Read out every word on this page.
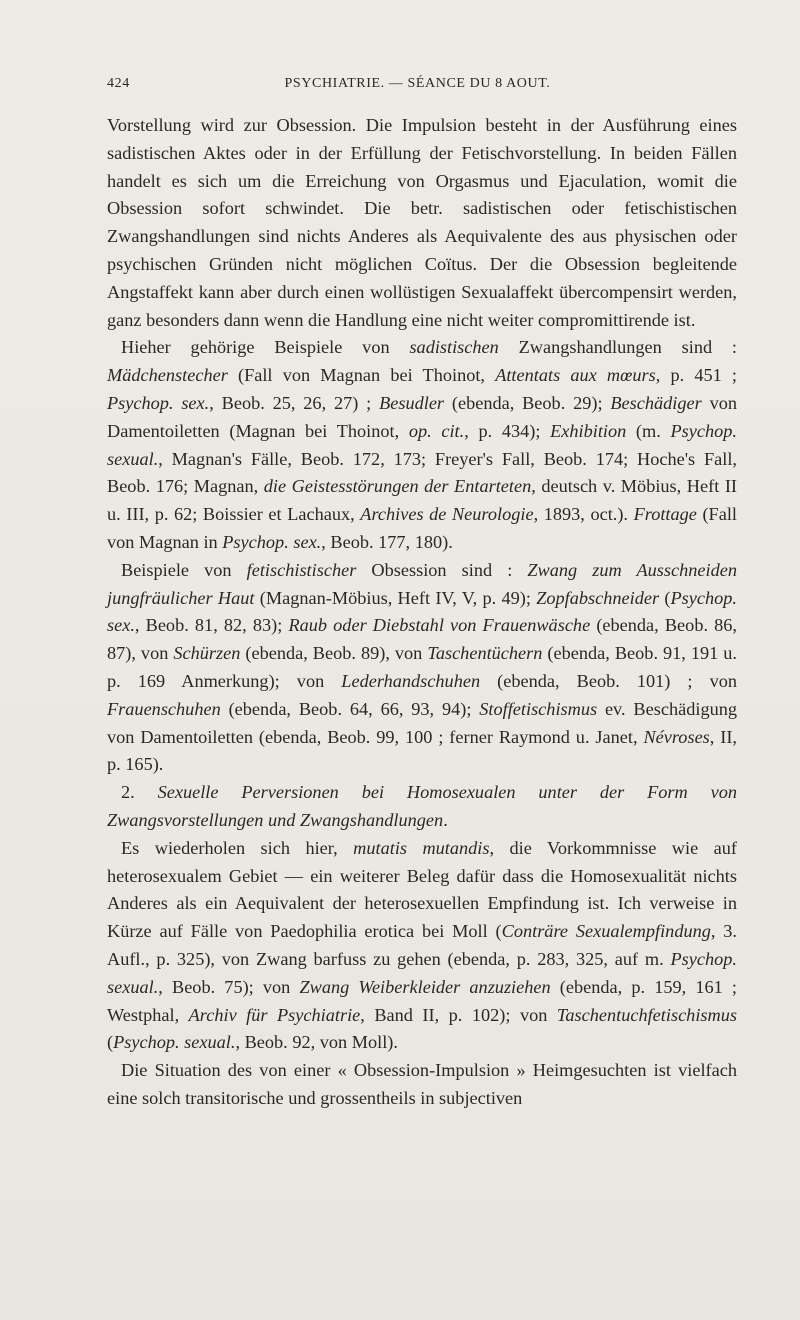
424	PSYCHIATRIE. — SÉANCE DU 8 AOUT.

Vorstellung wird zur Obsession. Die Impulsion besteht in der Ausführung eines sadistischen Aktes oder in der Erfüllung der Fetischvorstellung. In beiden Fällen handelt es sich um die Erreichung von Orgasmus und Ejaculation, womit die Obsession sofort schwindet. Die betr. sadistischen oder fetischistischen Zwangshandlungen sind nichts Anderes als Aequivalente des aus physischen oder psychischen Gründen nicht möglichen Coïtus. Der die Obsession begleitende Angstaffekt kann aber durch einen wollüstigen Sexualaffekt übercompensirt werden, ganz besonders dann wenn die Handlung eine nicht weiter compromittirende ist.

Hieher gehörige Beispiele von sadistischen Zwangshandlungen sind : Mädchenstecher (Fall von Magnan bei Thoinot, Attentats aux mœurs, p. 451 ; Psychop. sex., Beob. 25, 26, 27) ; Besudler (ebenda, Beob. 29); Beschädiger von Damentoiletten (Magnan bei Thoinot, op. cit., p. 434); Exhibition (m. Psychop. sexual., Magnan's Fälle, Beob. 172, 173; Freyer's Fall, Beob. 174; Hoche's Fall, Beob. 176; Magnan, die Geistesstörungen der Entarteten, deutsch v. Möbius, Heft II u. III, p. 62; Boissier et Lachaux, Archives de Neurologie, 1893, oct.). Frottage (Fall von Magnan in Psychop. sex., Beob. 177, 180).

Beispiele von fetischistischer Obsession sind : Zwang zum Ausschneiden jungfräulicher Haut (Magnan-Möbius, Heft IV, V, p. 49); Zopfabschneider (Psychop. sex., Beob. 81, 82, 83); Raub oder Diebstahl von Frauenwäsche (ebenda, Beob. 86, 87), von Schürzen (ebenda, Beob. 89), von Taschentüchern (ebenda, Beob. 91, 191 u. p. 169 Anmerkung); von Lederhandschuhen (ebenda, Beob. 101) ; von Frauenschuhen (ebenda, Beob. 64, 66, 93, 94); Stoffetischismus ev. Beschädigung von Damentoiletten (ebenda, Beob. 99, 100 ; ferner Raymond u. Janet, Névroses, II, p. 165).

2. Sexuelle Perversionen bei Homosexualen unter der Form von Zwangsvorstellungen und Zwangshandlungen.

Es wiederholen sich hier, mutatis mutandis, die Vorkommnisse wie auf heterosexualem Gebiet — ein weiterer Beleg dafür dass die Homosexualität nichts Anderes als ein Aequivalent der heterosexuellen Empfindung ist. Ich verweise in Kürze auf Fälle von Paedophilia erotica bei Moll (Conträre Sexualempfindung, 3. Aufl., p. 325), von Zwang barfuss zu gehen (ebenda, p. 283, 325, auf m. Psychop. sexual., Beob. 75); von Zwang Weiberkleider anzuziehen (ebenda, p. 159, 161 ; Westphal, Archiv für Psychiatrie, Band II, p. 102); von Taschentuchfetischismus (Psychop. sexual., Beob. 92, von Moll).

Die Situation des von einer « Obsession-Impulsion » Heimgesuchten ist vielfach eine solch transitorische und grossentheils in subjectiven
